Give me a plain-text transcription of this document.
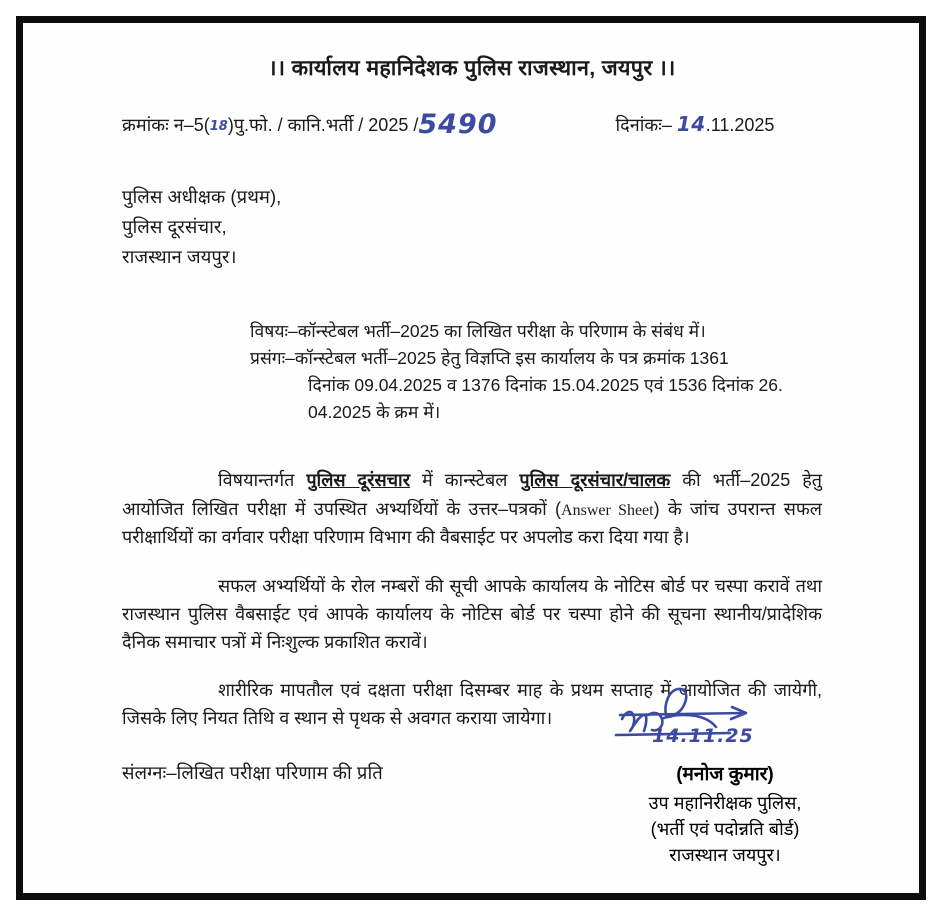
।। कार्यालय महानिदेशक पुलिस राजस्थान, जयपुर ।।
क्रमांकः न–5(18)पु.फो. / कानि.भर्ती / 2025 /5490	दिनांकः– 14.11.2025
पुलिस अधीक्षक (प्रथम),
पुलिस दूरसंचार,
राजस्थान जयपुर।
विषयः–कॉन्स्टेबल भर्ती–2025 का लिखित परीक्षा के परिणाम के संबंध में।
प्रसंगः–कॉन्स्टेबल भर्ती–2025 हेतु विज्ञप्ति इस कार्यालय के पत्र क्रमांक 1361
दिनांक 09.04.2025 व 1376 दिनांक 15.04.2025 एवं 1536 दिनांक 26.
04.2025 के क्रम में।

विषयान्तर्गत पुलिस दूरंसचार में कान्स्टेबल पुलिस दूरसंचार/चालक की भर्ती–2025 हेतु आयोजित लिखित परीक्षा में उपस्थित अभ्यर्थियों के उत्तर–पत्रकों (Answer Sheet) के जांच उपरान्त सफल परीक्षार्थियों का वर्गवार परीक्षा परिणाम विभाग की वैबसाईट पर अपलोड करा दिया गया है।

सफल अभ्यर्थियों के रोल नम्बरों की सूची आपके कार्यालय के नोटिस बोर्ड पर चस्पा करावें तथा राजस्थान पुलिस वैबसाईट एवं आपके कार्यालय के नोटिस बोर्ड पर चस्पा होने की सूचना स्थानीय/प्रादेशिक दैनिक समाचार पत्रों में निःशुल्क प्रकाशित करावें।

शारीरिक मापतौल एवं दक्षता परीक्षा दिसम्बर माह के प्रथम सप्ताह में आयोजित की जायेगी, जिसके लिए नियत तिथि व स्थान से पृथक से अवगत कराया जायेगा।

संलग्नः–लिखित परीक्षा परिणाम की प्रति
14.11.25
(मनोज कुमार)
उप महानिरीक्षक पुलिस,
(भर्ती एवं पदोन्नति बोर्ड)
राजस्थान जयपुर।
